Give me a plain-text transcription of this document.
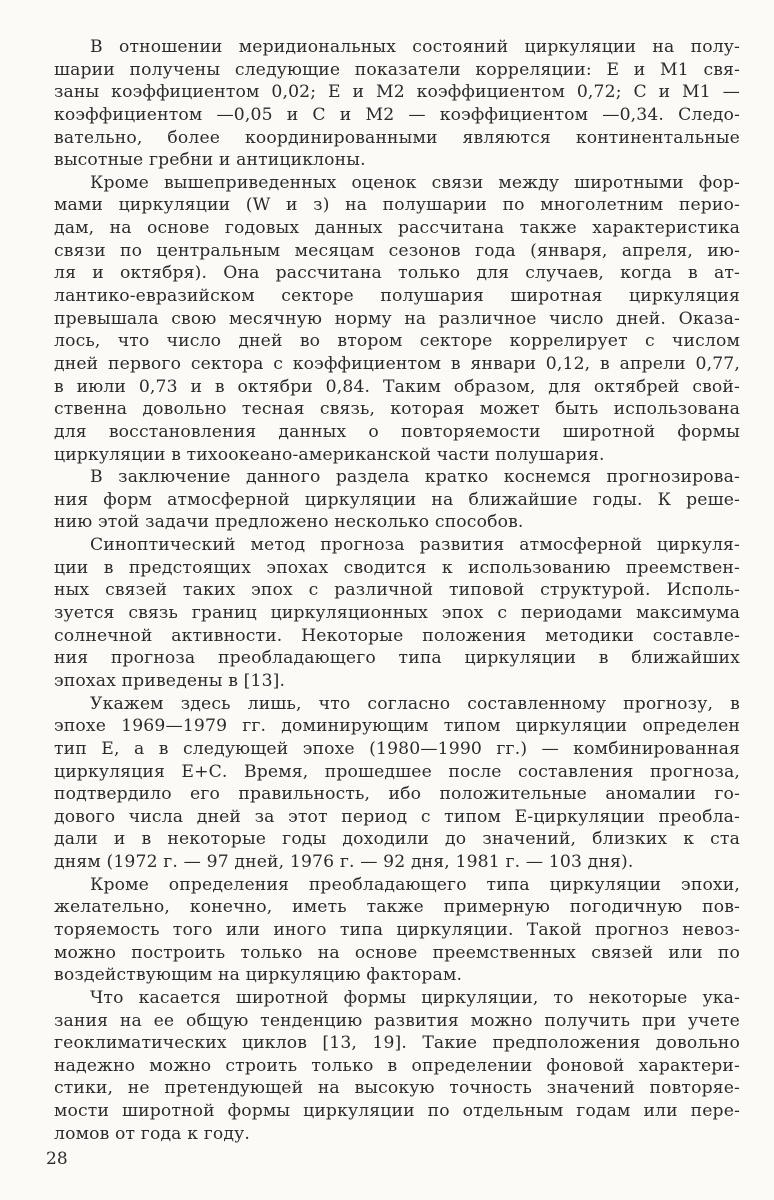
В отношении меридиональных состояний циркуляции на полу-
шарии получены следующие показатели корреляции: Е и М1 свя-
заны коэффициентом 0,02; Е и М2 коэффициентом 0,72; С и М1 —
коэффициентом —0,05 и С и М2 — коэффициентом —0,34. Следо-
вательно, более координированными являются континентальные
высотные гребни и антициклоны.
Кроме вышеприведенных оценок связи между широтными фор-
мами циркуляции (W и з) на полушарии по многолетним перио-
дам, на основе годовых данных рассчитана также характеристика
связи по центральным месяцам сезонов года (января, апреля, ию-
ля и октября). Она рассчитана только для случаев, когда в ат-
лантико-евразийском секторе полушария широтная циркуляция
превышала свою месячную норму на различное число дней. Оказа-
лось, что число дней во втором секторе коррелирует с числом
дней первого сектора с коэффициентом в январи 0,12, в апрели 0,77,
в июли 0,73 и в октябри 0,84. Таким образом, для октябрей свой-
ственна довольно тесная связь, которая может быть использована
для восстановления данных о повторяемости широтной формы
циркуляции в тихоокеано-американской части полушария.
В заключение данного раздела кратко коснемся прогнозирова-
ния форм атмосферной циркуляции на ближайшие годы. К реше-
нию этой задачи предложено несколько способов.
Синоптический метод прогноза развития атмосферной циркуля-
ции в предстоящих эпохах сводится к использованию преемствен-
ных связей таких эпох с различной типовой структурой. Исполь-
зуется связь границ циркуляционных эпох с периодами максимума
солнечной активности. Некоторые положения методики составле-
ния прогноза преобладающего типа циркуляции в ближайших
эпохах приведены в [13].
Укажем здесь лишь, что согласно составленному прогнозу, в
эпохе 1969—1979 гг. доминирующим типом циркуляции определен
тип Е, а в следующей эпохе (1980—1990 гг.) — комбинированная
циркуляция Е+С. Время, прошедшее после составления прогноза,
подтвердило его правильность, ибо положительные аномалии го-
дового числа дней за этот период с типом Е-циркуляции преобла-
дали и в некоторые годы доходили до значений, близких к ста
дням (1972 г. — 97 дней, 1976 г. — 92 дня, 1981 г. — 103 дня).
Кроме определения преобладающего типа циркуляции эпохи,
желательно, конечно, иметь также примерную погодичную пов-
торяемость того или иного типа циркуляции. Такой прогноз невоз-
можно построить только на основе преемственных связей или по
воздействующим на циркуляцию факторам.
Что касается широтной формы циркуляции, то некоторые ука-
зания на ее общую тенденцию развития можно получить при учете
геоклиматических циклов [13, 19]. Такие предположения довольно
надежно можно строить только в определении фоновой характери-
стики, не претендующей на высокую точность значений повторяе-
мости широтной формы циркуляции по отдельным годам или пере-
ломов от года к году.
28
